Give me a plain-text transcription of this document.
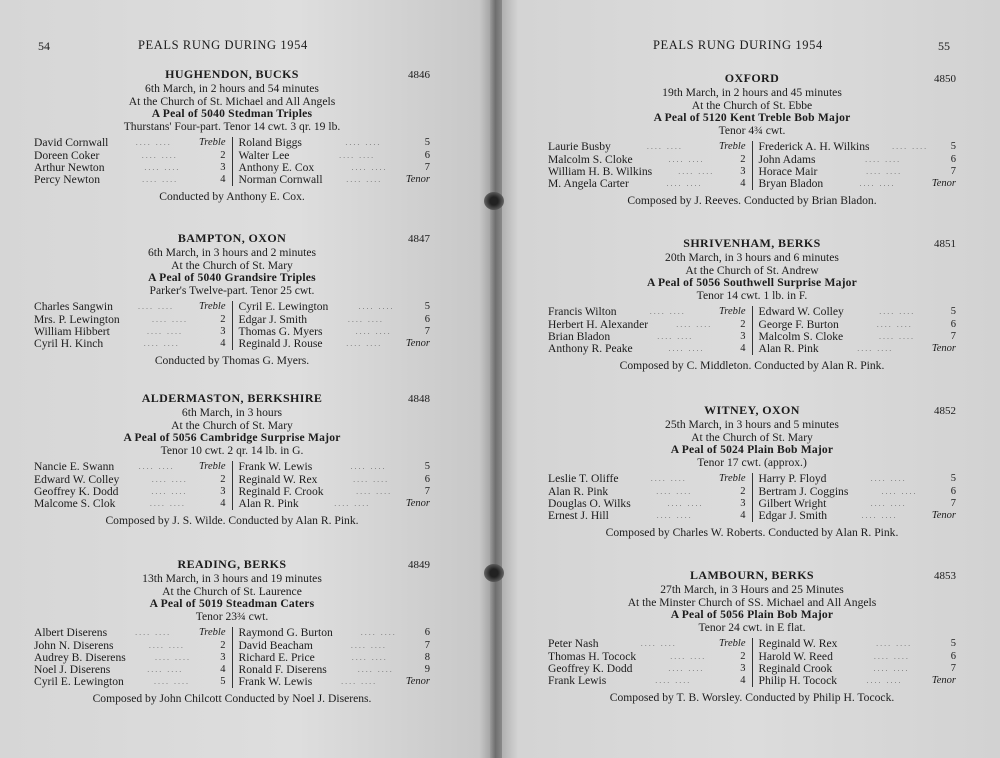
54	PEALS RUNG DURING 1954
HUGHENDON, BUCKS	4846
6th March, in 2 hours and 54 minutes
At the Church of St. Michael and All Angels
A Peal of 5040 Stedman Triples
Thurstans' Four-part. Tenor 14 cwt. 3 qr. 19 lb.
David Cornwall	.... ....	Treble
Doreen Coker	.... ....	2
Arthur Newton	.... ....	3
Percy Newton	.... ....	4
Roland Biggs	.... ....	5
Walter Lee	.... ....	6
Anthony E. Cox	.... ....	7
Norman Cornwall	.... ....	Tenor
Conducted by Anthony E. Cox.
BAMPTON, OXON	4847
6th March, in 3 hours and 2 minutes
At the Church of St. Mary
A Peal of 5040 Grandsire Triples
Parker's Twelve-part. Tenor 25 cwt.
Charles Sangwin	.... ....	Treble
Mrs. P. Lewington	.... ....	2
William Hibbert	.... ....	3
Cyril H. Kinch	.... ....	4
Cyril E. Lewington	.... ....	5
Edgar J. Smith	.... ....	6
Thomas G. Myers	.... ....	7
Reginald J. Rouse	.... ....	Tenor
Conducted by Thomas G. Myers.
ALDERMASTON, BERKSHIRE	4848
6th March, in 3 hours
At the Church of St. Mary
A Peal of 5056 Cambridge Surprise Major
Tenor 10 cwt. 2 qr. 14 lb. in G.
Nancie E. Swann	.... ....	Treble
Edward W. Colley	.... ....	2
Geoffrey K. Dodd	.... ....	3
Malcome S. Clok	.... ....	4
Frank W. Lewis	.... ....	5
Reginald W. Rex	.... ....	6
Reginald F. Crook	.... ....	7
Alan R. Pink	.... ....	Tenor
Composed by J. S. Wilde. Conducted by Alan R. Pink.
READING, BERKS	4849
13th March, in 3 hours and 19 minutes
At the Church of St. Laurence
A Peal of 5019 Steadman Caters
Tenor 23¾ cwt.
Albert Diserens	.... ....	Treble
John N. Diserens	.... ....	2
Audrey B. Diserens	.... ....	3
Noel J. Diserens	.... ....	4
Cyril E. Lewington	.... ....	5
Raymond G. Burton	.... ....	6
David Beacham	.... ....	7
Richard E. Price	.... ....	8
Ronald F. Diserens	.... ....	9
Frank W. Lewis	.... ....	Tenor
Composed by John Chilcott Conducted by Noel J. Diserens.
PEALS RUNG DURING 1954	55
OXFORD	4850
19th March, in 2 hours and 45 minutes
At the Church of St. Ebbe
A Peal of 5120 Kent Treble Bob Major
Tenor 4¾ cwt.
Laurie Busby	.... ....	Treble
Malcolm S. Cloke	.... ....	2
William H. B. Wilkins	.... ....	3
M. Angela Carter	.... ....	4
Frederick A. H. Wilkins	.... ....	5
John Adams	.... ....	6
Horace Mair	.... ....	7
Bryan Bladon	.... ....	Tenor
Composed by J. Reeves. Conducted by Brian Bladon.
SHRIVENHAM, BERKS	4851
20th March, in 3 hours and 6 minutes
At the Church of St. Andrew
A Peal of 5056 Southwell Surprise Major
Tenor 14 cwt. 1 lb. in F.
Francis Wilton	.... ....	Treble
Herbert H. Alexander	.... ....	2
Brian Bladon	.... ....	3
Anthony R. Peake	.... ....	4
Edward W. Colley	.... ....	5
George F. Burton	.... ....	6
Malcolm S. Cloke	.... ....	7
Alan R. Pink	.... ....	Tenor
Composed by C. Middleton. Conducted by Alan R. Pink.
WITNEY, OXON	4852
25th March, in 3 hours and 5 minutes
At the Church of St. Mary
A Peal of 5024 Plain Bob Major
Tenor 17 cwt. (approx.)
Leslie T. Oliffe	.... ....	Treble
Alan R. Pink	.... ....	2
Douglas O. Wilks	.... ....	3
Ernest J. Hill	.... ....	4
Harry P. Floyd	.... ....	5
Bertram J. Coggins	.... ....	6
Gilbert Wright	.... ....	7
Edgar J. Smith	.... ....	Tenor
Composed by Charles W. Roberts. Conducted by Alan R. Pink.
LAMBOURN, BERKS	4853
27th March, in 3 Hours and 25 Minutes
At the Minster Church of SS. Michael and All Angels
A Peal of 5056 Plain Bob Major
Tenor 24 cwt. in E flat.
Peter Nash	.... ....	Treble
Thomas H. Tocock	.... ....	2
Geoffrey K. Dodd	.... ....	3
Frank Lewis	.... ....	4
Reginald W. Rex	.... ....	5
Harold W. Reed	.... ....	6
Reginald Crook	.... ....	7
Philip H. Tocock	.... ....	Tenor
Composed by T. B. Worsley. Conducted by Philip H. Tocock.
